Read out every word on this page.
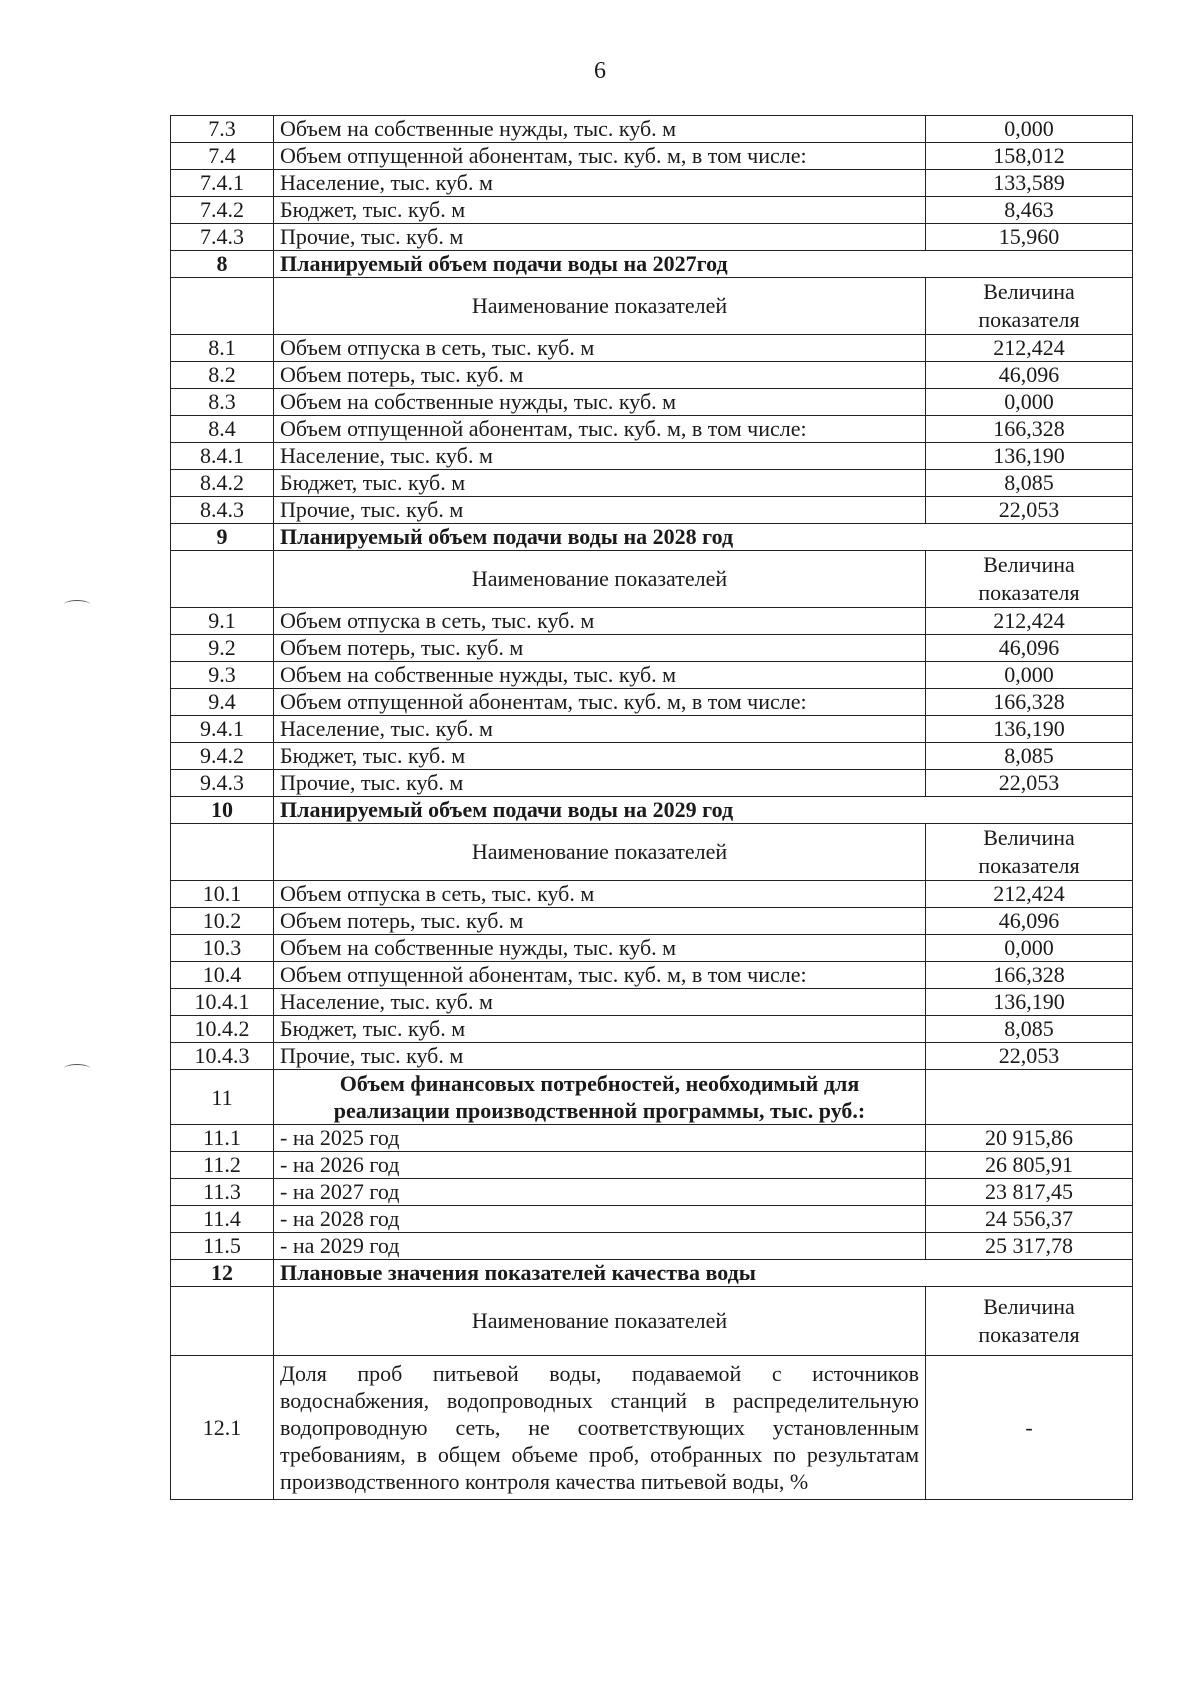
6
7.3	Объем на собственные нужды, тыс. куб. м	0,000
7.4	Объем отпущенной абонентам, тыс. куб. м, в том числе:	158,012
7.4.1	Население, тыс. куб. м	133,589
7.4.2	Бюджет, тыс. куб. м	8,463
7.4.3	Прочие, тыс. куб. м	15,960
8	Планируемый объем подачи воды на 2027год	
	Наименование показателей	Величина показателя
8.1	Объем отпуска в сеть, тыс. куб. м	212,424
8.2	Объем потерь, тыс. куб. м	46,096
8.3	Объем на собственные нужды, тыс. куб. м	0,000
8.4	Объем отпущенной абонентам, тыс. куб. м, в том числе:	166,328
8.4.1	Население, тыс. куб. м	136,190
8.4.2	Бюджет, тыс. куб. м	8,085
8.4.3	Прочие, тыс. куб. м	22,053
9	Планируемый объем подачи воды на 2028 год	
	Наименование показателей	Величина показателя
9.1	Объем отпуска в сеть, тыс. куб. м	212,424
9.2	Объем потерь, тыс. куб. м	46,096
9.3	Объем на собственные нужды, тыс. куб. м	0,000
9.4	Объем отпущенной абонентам, тыс. куб. м, в том числе:	166,328
9.4.1	Население, тыс. куб. м	136,190
9.4.2	Бюджет, тыс. куб. м	8,085
9.4.3	Прочие, тыс. куб. м	22,053
10	Планируемый объем подачи воды на 2029 год	
	Наименование показателей	Величина показателя
10.1	Объем отпуска в сеть, тыс. куб. м	212,424
10.2	Объем потерь, тыс. куб. м	46,096
10.3	Объем на собственные нужды, тыс. куб. м	0,000
10.4	Объем отпущенной абонентам, тыс. куб. м, в том числе:	166,328
10.4.1	Население, тыс. куб. м	136,190
10.4.2	Бюджет, тыс. куб. м	8,085
10.4.3	Прочие, тыс. куб. м	22,053
11	Объем финансовых потребностей, необходимый для реализации производственной программы, тыс. руб.:	
11.1	- на 2025 год	20 915,86
11.2	- на 2026 год	26 805,91
11.3	- на 2027 год	23 817,45
11.4	- на 2028 год	24 556,37
11.5	- на 2029 год	25 317,78
12	Плановые значения показателей качества воды	
	Наименование показателей	Величина показателя
12.1	Доля проб питьевой воды, подаваемой с источников водоснабжения, водопроводных станций в распределительную водопроводную сеть, не соответствующих установленным требованиям, в общем объеме проб, отобранных по результатам производственного контроля качества питьевой воды, %	-
